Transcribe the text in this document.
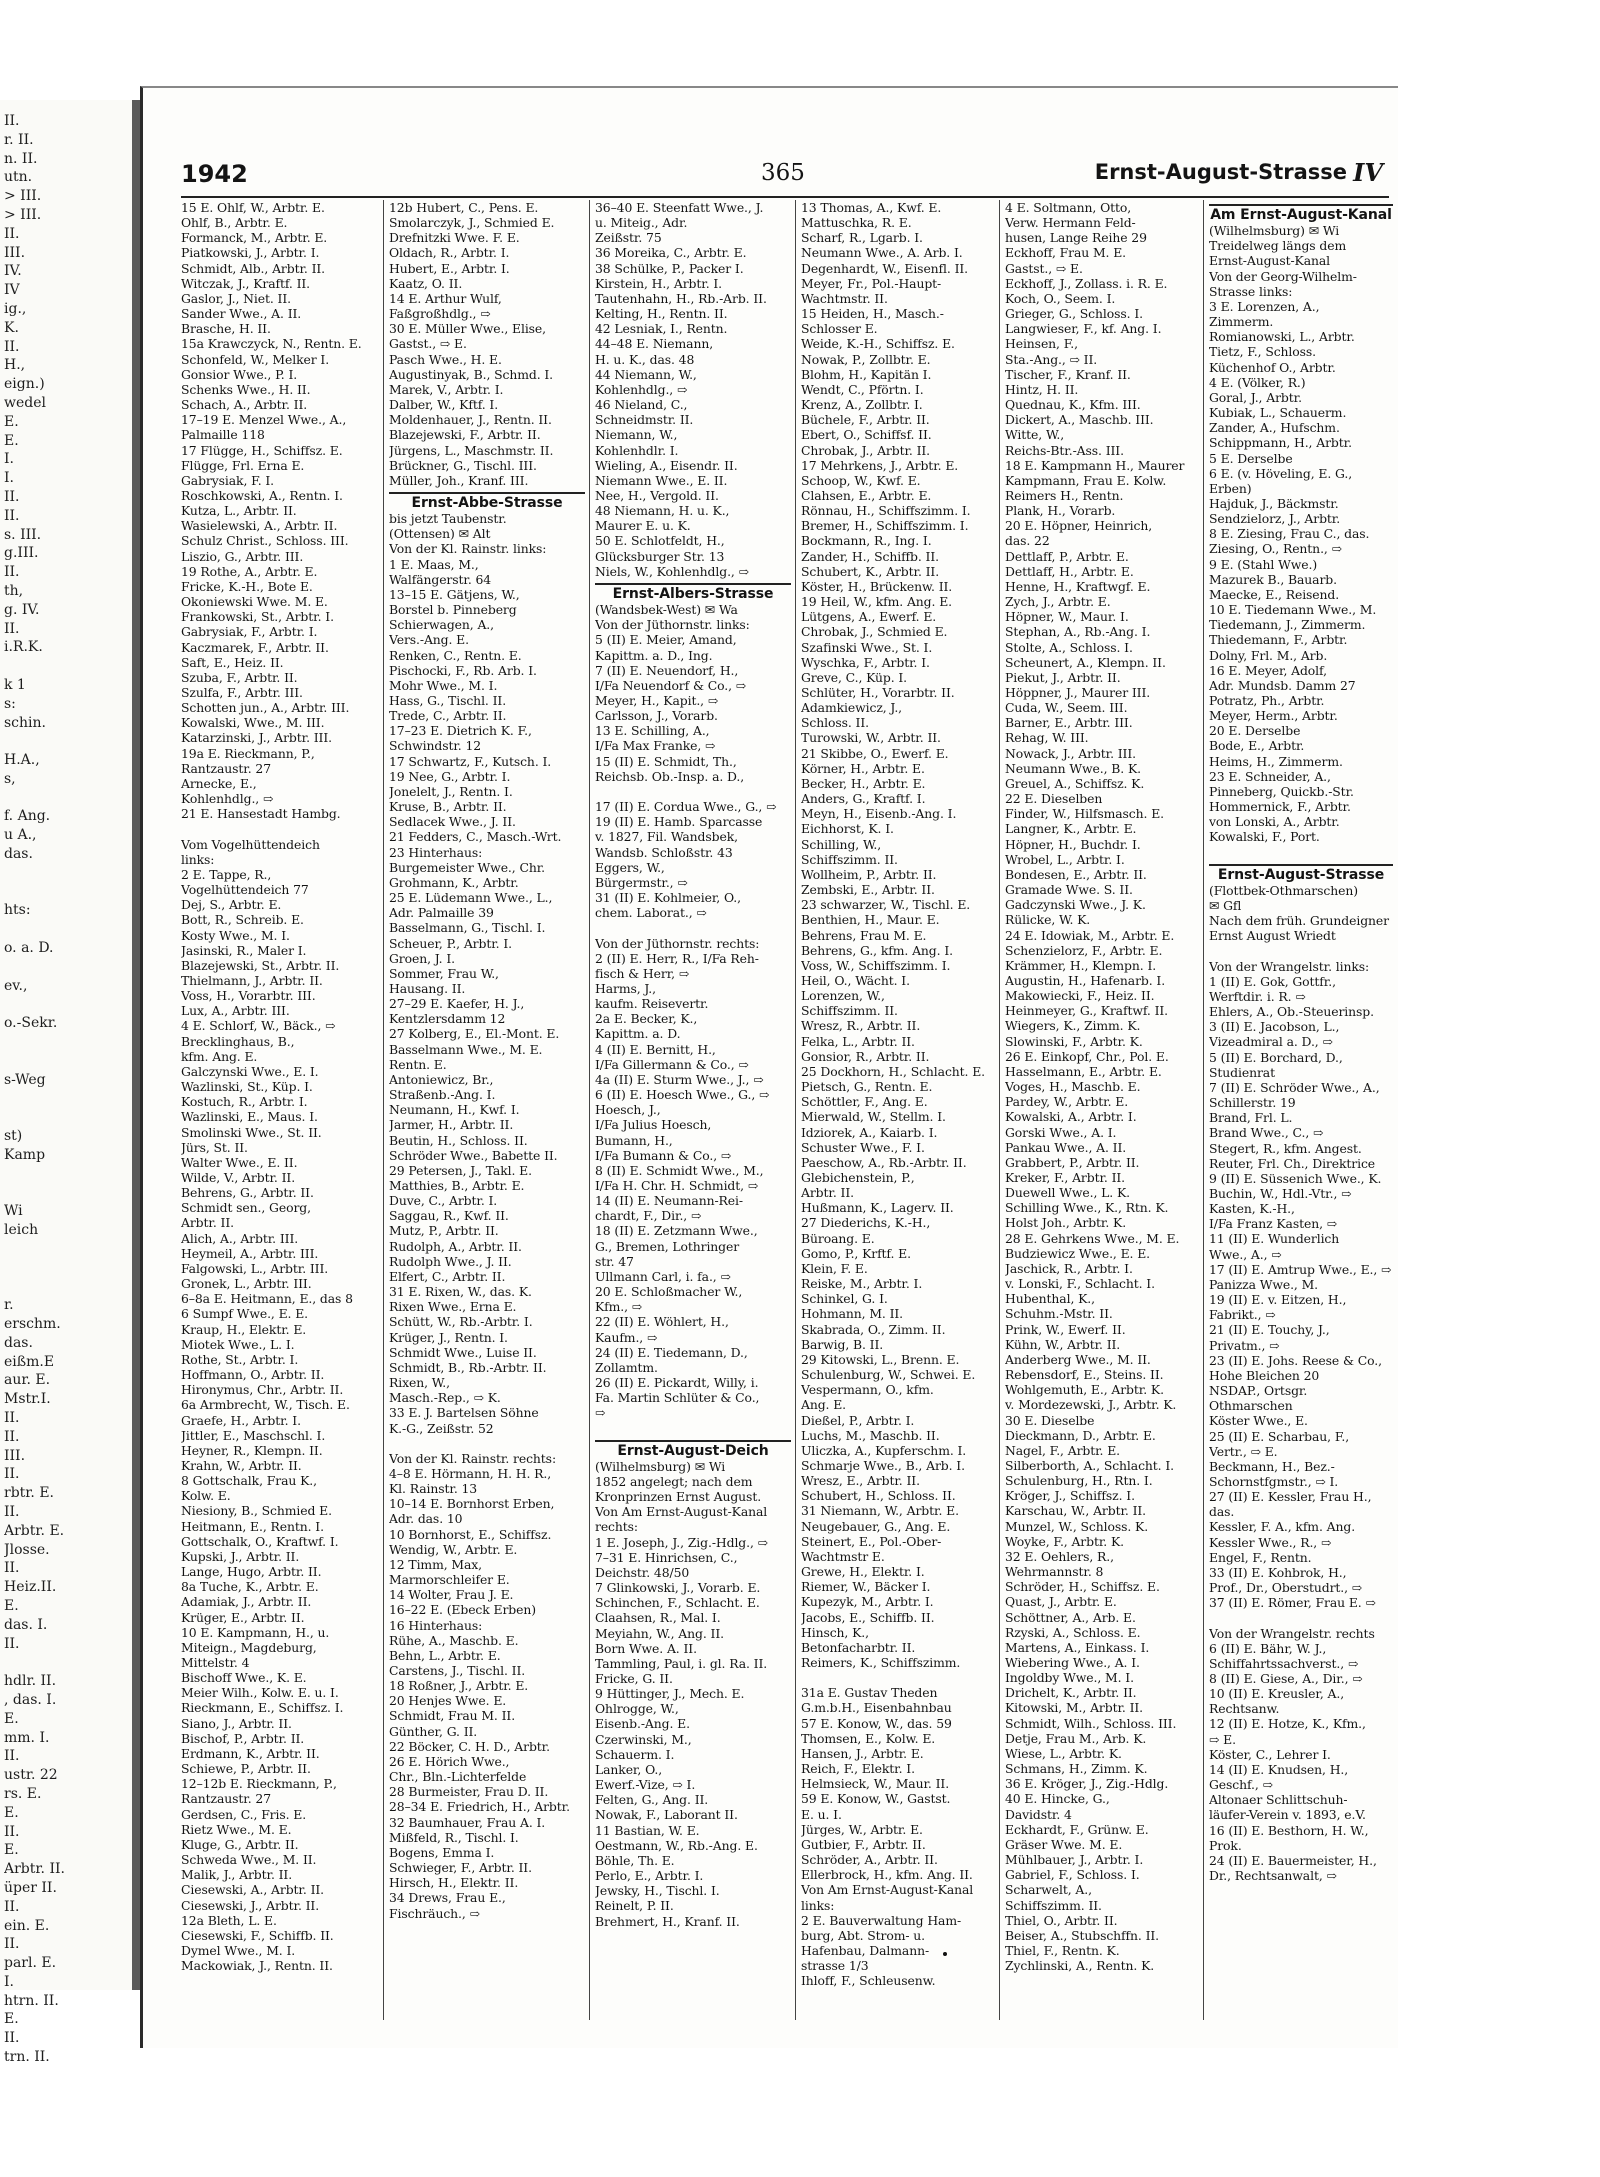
II.
r. II.
n. II.
utn.
> III.
> III.
II.
III.
IV.
IV
ig.,
K.
II.
H.,
eign.)
wedel
E.
E.
I.
I.
II.
II.
s. III.
g.III.
II.
th,
g. IV.
II.
i.R.K.

k 1
s:
schin.

H.A.,
s,

f. Ang.
u A.,
das.

hts:

o. a. D.

ev.,

o.-Sekr.

s-Weg

st)
Kamp

Wi
leich

r.
erschm.
das.
eißm.E
aur. E.
Mstr.I.
II.
II.
III.
II.
rbtr. E.
II.
Arbtr. E.
Jlosse.
II.
Heiz.II.
E.
das. I.
II.

hdlr. II.
, das. I.
E.
mm. I.
II.
ustr. 22
rs. E.
E.
II.
E.
Arbtr. II.
üper II.
II.
ein. E.
II.
parl. E.
I.
htrn. II.
E.
II.
trn. II.
1942	365	Ernst-August-Strasse IV
15 E. Ohlf, W., Arbtr. E.
Ohlf, B., Arbtr. E.
Formanck, M., Arbtr. E.
Piatkowski, J., Arbtr. I.
Schmidt, Alb., Arbtr. II.
Witczak, J., Kraftf. II.
Gaslor, J., Niet. II.
Sander Wwe., A. II.
Brasche, H. II.
15a Krawczyck, N., Rentn. E.
Schonfeld, W., Melker I.
Gonsior Wwe., P. I.
Schenks Wwe., H. II.
Schach, A., Arbtr. II.
17–19 E. Menzel Wwe., A.,
Palmaille 118
17 Flügge, H., Schiffsz. E.
Flügge, Frl. Erna E.
Gabrysiak, F. I.
Roschkowski, A., Rentn. I.
Kutza, L., Arbtr. II.
Wasielewski, A., Arbtr. II.
Schulz Christ., Schloss. III.
Liszio, G., Arbtr. III.
19 Rothe, A., Arbtr. E.
Fricke, K.-H., Bote E.
Okoniewski Wwe. M. E.
Frankowski, St., Arbtr. I.
Gabrysiak, F., Arbtr. I.
Kaczmarek, F., Arbtr. II.
Saft, E., Heiz. II.
Szuba, F., Arbtr. II.
Szulfa, F., Arbtr. III.
Schotten jun., A., Arbtr. III.
Kowalski, Wwe., M. III.
Katarzinski, J., Arbtr. III.
19a E. Rieckmann, P.,
Rantzaustr. 27
Arnecke, E.,
Kohlenhdlg., ⇨
21 E. Hansestadt Hambg.

Vom Vogelhüttendeich
links:
2 E. Tappe, R.,
Vogelhüttendeich 77
Dej, S., Arbtr. E.
Bott, R., Schreib. E.
Kosty Wwe., M. I.
Jasinski, R., Maler I.
Blazejewski, St., Arbtr. II.
Thielmann, J., Arbtr. II.
Voss, H., Vorarbtr. III.
Lux, A., Arbtr. III.
4 E. Schlorf, W., Bäck., ⇨
Brecklinghaus, B.,
kfm. Ang. E.
Galczynski Wwe., E. I.
Wazlinski, St., Küp. I.
Kostuch, R., Arbtr. I.
Wazlinski, E., Maus. I.
Smolinski Wwe., St. II.
Jürs, St. II.
Walter Wwe., E. II.
Wilde, V., Arbtr. II.
Behrens, G., Arbtr. II.
Schmidt sen., Georg,
Arbtr. II.
Alich, A., Arbtr. III.
Heymeil, A., Arbtr. III.
Falgowski, L., Arbtr. III.
Gronek, L., Arbtr. III.
6–8a E. Heitmann, E., das 8
6 Sumpf Wwe., E. E.
Kraup, H., Elektr. E.
Miotek Wwe., L. I.
Rothe, St., Arbtr. I.
Hoffmann, O., Arbtr. II.
Hironymus, Chr., Arbtr. II.
6a Armbrecht, W., Tisch. E.
Graefe, H., Arbtr. I.
Jittler, E., Maschschl. I.
Heyner, R., Klempn. II.
Krahn, W., Arbtr. II.
8 Gottschalk, Frau K.,
Kolw. E.
Niesiony, B., Schmied E.
Heitmann, E., Rentn. I.
Gottschalk, O., Kraftwf. I.
Kupski, J., Arbtr. II.
Lange, Hugo, Arbtr. II.
8a Tuche, K., Arbtr. E.
Adamiak, J., Arbtr. II.
Krüger, E., Arbtr. II.
10 E. Kampmann, H., u.
Miteign., Magdeburg,
Mittelstr. 4
Bischoff Wwe., K. E.
Meier Wilh., Kolw. E. u. I.
Rieckmann, E., Schiffsz. I.
Siano, J., Arbtr. II.
Bischof, P., Arbtr. II.
Erdmann, K., Arbtr. II.
Schiewe, P., Arbtr. II.
12–12b E. Rieckmann, P.,
Rantzaustr. 27
Gerdsen, C., Fris. E.
Rietz Wwe., M. E.
Kluge, G., Arbtr. II.
Schweda Wwe., M. II.
Malik, J., Arbtr. II.
Ciesewski, A., Arbtr. II.
Ciesewski, J., Arbtr. II.
12a Bleth, L. E.
Ciesewski, F., Schiffb. II.
Dymel Wwe., M. I.
Mackowiak, J., Rentn. II.
12b Hubert, C., Pens. E.
Smolarczyk, J., Schmied E.
Drefnitzki Wwe. F. E.
Oldach, R., Arbtr. I.
Hubert, E., Arbtr. I.
Kaatz, O. II.
14 E. Arthur Wulf,
Faßgroßhdlg., ⇨
30 E. Müller Wwe., Elise,
Gastst., ⇨ E.
Pasch Wwe., H. E.
Augustinyak, B., Schmd. I.
Marek, V., Arbtr. I.
Dalber, W., Kftf. I.
Moldenhauer, J., Rentn. II.
Blazejewski, F., Arbtr. II.
Jürgens, L., Maschmstr. II.
Brückner, G., Tischl. III.
Müller, Joh., Kranf. III.
Ernst-Abbe-Strasse
bis jetzt Taubenstr.
(Ottensen) ✉ Alt
Von der Kl. Rainstr. links:
1 E. Maas, M.,
Walfängerstr. 64
13–15 E. Gätjens, W.,
Borstel b. Pinneberg
Schierwagen, A.,
Vers.-Ang. E.
Renken, C., Rentn. E.
Pischocki, F., Rb. Arb. I.
Mohr Wwe., M. I.
Hass, G., Tischl. II.
Trede, C., Arbtr. II.
17–23 E. Dietrich K. F.,
Schwindstr. 12
17 Schwartz, F., Kutsch. I.
19 Nee, G., Arbtr. I.
Jonelelt, J., Rentn. I.
Kruse, B., Arbtr. II.
Sedlacek Wwe., J. II.
21 Fedders, C., Masch.-Wrt.
23 Hinterhaus:
Burgemeister Wwe., Chr.
Grohmann, K., Arbtr.
25 E. Lüdemann Wwe., L.,
Adr. Palmaille 39
Basselmann, G., Tischl. I.
Scheuer, P., Arbtr. I.
Groen, J. I.
Sommer, Frau W.,
Hausang. II.
27–29 E. Kaefer, H. J.,
Kentzlersdamm 12
27 Kolberg, E., El.-Mont. E.
Basselmann Wwe., M. E.
Rentn. E.
Antoniewicz, Br.,
Straßenb.-Ang. I.
Neumann, H., Kwf. I.
Jarmer, H., Arbtr. II.
Beutin, H., Schloss. II.
Schröder Wwe., Babette II.
29 Petersen, J., Takl. E.
Matthies, B., Arbtr. E.
Duve, C., Arbtr. I.
Saggau, R., Kwf. II.
Mutz, P., Arbtr. II.
Rudolph, A., Arbtr. II.
Rudolph Wwe., J. II.
Elfert, C., Arbtr. II.
31 E. Rixen, W., das. K.
Rixen Wwe., Erna E.
Schütt, W., Rb.-Arbtr. I.
Krüger, J., Rentn. I.
Schmidt Wwe., Luise II.
Schmidt, B., Rb.-Arbtr. II.
Rixen, W.,
Masch.-Rep., ⇨ K.
33 E. J. Bartelsen Söhne
K.-G., Zeißstr. 52

Von der Kl. Rainstr. rechts:
4–8 E. Hörmann, H. H. R.,
Kl. Rainstr. 13
10–14 E. Bornhorst Erben,
Adr. das. 10
10 Bornhorst, E., Schiffsz.
Wendig, W., Arbtr. E.
12 Timm, Max,
Marmorschleifer E.
14 Wolter, Frau J. E.
16–22 E. (Ebeck Erben)
16 Hinterhaus:
Rühe, A., Maschb. E.
Behn, L., Arbtr. E.
Carstens, J., Tischl. II.
18 Roßner, J., Arbtr. E.
20 Henjes Wwe. E.
Schmidt, Frau M. II.
Günther, G. II.
22 Böcker, C. H. D., Arbtr.
26 E. Hörich Wwe.,
Chr., Bln.-Lichterfelde
28 Burmeister, Frau D. II.
28–34 E. Friedrich, H., Arbtr.
32 Baumhauer, Frau A. I.
Mißfeld, R., Tischl. I.
Bogens, Emma I.
Schwieger, F., Arbtr. II.
Hirsch, H., Elektr. II.
34 Drews, Frau E.,
Fischräuch., ⇨
36–40 E. Steenfatt Wwe., J.
u. Miteig., Adr.
Zeißstr. 75
36 Moreika, C., Arbtr. E.
38 Schülke, P., Packer I.
Kirstein, H., Arbtr. I.
Tautenhahn, H., Rb.-Arb. II.
Kelting, H., Rentn. II.
42 Lesniak, I., Rentn.
44–48 E. Niemann,
H. u. K., das. 48
44 Niemann, W.,
Kohlenhdlg., ⇨
46 Nieland, C.,
Schneidmstr. II.
Niemann, W.,
Kohlenhdlr. I.
Wieling, A., Eisendr. II.
Niemann Wwe., E. II.
Nee, H., Vergold. II.
48 Niemann, H. u. K.,
Maurer E. u. K.
50 E. Schlotfeldt, H.,
Glücksburger Str. 13
Niels, W., Kohlenhdlg., ⇨
Ernst-Albers-Strasse
(Wandsbek-West) ✉ Wa
Von der Jüthornstr. links:
5 (II) E. Meier, Amand,
Kapittm. a. D., Ing.
7 (II) E. Neuendorf, H.,
I/Fa Neuendorf & Co., ⇨
Meyer, H., Kapit., ⇨
Carlsson, J., Vorarb.
13 E. Schilling, A.,
I/Fa Max Franke, ⇨
15 (II) E. Schmidt, Th.,
Reichsb. Ob.-Insp. a. D.,

17 (II) E. Cordua Wwe., G., ⇨
19 (II) E. Hamb. Sparcasse
v. 1827, Fil. Wandsbek,
Wandsb. Schloßstr. 43
Eggers, W.,
Bürgermstr., ⇨
31 (II) E. Kohlmeier, O.,
chem. Laborat., ⇨

Von der Jüthornstr. rechts:
2 (II) E. Herr, R., I/Fa Reh-
fisch & Herr, ⇨
Harms, J.,
kaufm. Reisevertr.
2a E. Becker, K.,
Kapittm. a. D.
4 (II) E. Bernitt, H.,
I/Fa Gillermann & Co., ⇨
4a (II) E. Sturm Wwe., J., ⇨
6 (II) E. Hoesch Wwe., G., ⇨
Hoesch, J.,
I/Fa Julius Hoesch,
Bumann, H.,
I/Fa Bumann & Co., ⇨
8 (II) E. Schmidt Wwe., M.,
I/Fa H. Chr. H. Schmidt, ⇨
14 (II) E. Neumann-Rei-
chardt, F., Dir., ⇨
18 (II) E. Zetzmann Wwe.,
G., Bremen, Lothringer
str. 47
Ullmann Carl, i. fa., ⇨
20 E. Schloßmacher W.,
Kfm., ⇨
22 (II) E. Wöhlert, H.,
Kaufm., ⇨
24 (II) E. Tiedemann, D.,
Zollamtm.
26 (II) E. Pickardt, Willy, i.
Fa. Martin Schlüter & Co.,
⇨

Ernst-August-Deich
(Wilhelmsburg) ✉ Wi
1852 angelegt; nach dem
Kronprinzen Ernst August.
Von Am Ernst-August-Kanal
rechts:
1 E. Joseph, J., Zig.-Hdlg., ⇨
7–31 E. Hinrichsen, C.,
Deichstr. 48/50
7 Glinkowski, J., Vorarb. E.
Schinchen, F., Schlacht. E.
Claahsen, R., Mal. I.
Meyiahn, W., Ang. II.
Born Wwe. A. II.
Tammling, Paul, i. gl. Ra. II.
Fricke, G. II.
9 Hüttinger, J., Mech. E.
Ohlrogge, W.,
Eisenb.-Ang. E.
Czerwinski, M.,
Schauerm. I.
Lanker, O.,
Ewerf.-Vize, ⇨ I.
Felten, G., Ang. II.
Nowak, F., Laborant II.
11 Bastian, W. E.
Oestmann, W., Rb.-Ang. E.
Böhle, Th. E.
Perlo, E., Arbtr. I.
Jewsky, H., Tischl. I.
Reinelt, P. II.
Brehmert, H., Kranf. II.
13 Thomas, A., Kwf. E.
Mattuschka, R. E.
Scharf, R., Lgarb. I.
Neumann Wwe., A. Arb. I.
Degenhardt, W., Eisenfl. II.
Meyer, Fr., Pol.-Haupt-
Wachtmstr. II.
15 Heiden, H., Masch.-
Schlosser E.
Weide, K.-H., Schiffsz. E.
Nowak, P., Zollbtr. E.
Blohm, H., Kapitän I.
Wendt, C., Pförtn. I.
Krenz, A., Zollbtr. I.
Büchele, F., Arbtr. II.
Ebert, O., Schiffsf. II.
Chrobak, J., Arbtr. II.
17 Mehrkens, J., Arbtr. E.
Schoop, W., Kwf. E.
Clahsen, E., Arbtr. E.
Rönnau, H., Schiffszimm. I.
Bremer, H., Schiffszimm. I.
Bockmann, R., Ing. I.
Zander, H., Schiffb. II.
Schubert, K., Arbtr. II.
Köster, H., Brückenw. II.
19 Heil, W., kfm. Ang. E.
Lütgens, A., Ewerf. E.
Chrobak, J., Schmied E.
Szafinski Wwe., St. I.
Wyschka, F., Arbtr. I.
Greve, C., Küp. I.
Schlüter, H., Vorarbtr. II.
Adamkiewicz, J.,
Schloss. II.
Turowski, W., Arbtr. II.
21 Skibbe, O., Ewerf. E.
Körner, H., Arbtr. E.
Becker, H., Arbtr. E.
Anders, G., Kraftf. I.
Meyn, H., Eisenb.-Ang. I.
Eichhorst, K. I.
Schilling, W.,
Schiffszimm. II.
Wollheim, P., Arbtr. II.
Zembski, E., Arbtr. II.
23 schwarzer, W., Tischl. E.
Benthien, H., Maur. E.
Behrens, Frau M. E.
Behrens, G., kfm. Ang. I.
Voss, W., Schiffszimm. I.
Heil, O., Wächt. I.
Lorenzen, W.,
Schiffszimm. II.
Wresz, R., Arbtr. II.
Felka, L., Arbtr. II.
Gonsior, R., Arbtr. II.
25 Dockhorn, H., Schlacht. E.
Pietsch, G., Rentn. E.
Schöttler, F., Ang. E.
Mierwald, W., Stellm. I.
Idziorek, A., Kaiarb. I.
Schuster Wwe., F. I.
Paeschow, A., Rb.-Arbtr. II.
Glebichenstein, P.,
Arbtr. II.
Hußmann, K., Lagerv. II.
27 Diederichs, K.-H.,
Büroang. E.
Gomo, P., Krftf. E.
Klein, F. E.
Reiske, M., Arbtr. I.
Schinkel, G. I.
Hohmann, M. II.
Skabrada, O., Zimm. II.
Barwig, B. II.
29 Kitowski, L., Brenn. E.
Schulenburg, W., Schwei. E.
Vespermann, O., kfm.
Ang. E.
Dießel, P., Arbtr. I.
Luchs, M., Maschb. II.
Uliczka, A., Kupferschm. I.
Schmarje Wwe., B., Arb. I.
Wresz, E., Arbtr. II.
Schubert, H., Schloss. II.
31 Niemann, W., Arbtr. E.
Neugebauer, G., Ang. E.
Steinert, E., Pol.-Ober-
Wachtmstr E.
Grewe, H., Elektr. I.
Riemer, W., Bäcker I.
Kupezyk, M., Arbtr. I.
Jacobs, E., Schiffb. II.
Hinsch, K.,
Betonfacharbtr. II.
Reimers, K., Schiffszimm.

31a E. Gustav Theden
G.m.b.H., Eisenbahnbau
57 E. Konow, W., das. 59
Thomsen, E., Kolw. E.
Hansen, J., Arbtr. E.
Reich, F., Elektr. I.
Helmsieck, W., Maur. II.
59 E. Konow, W., Gastst.
E. u. I.
Jürges, W., Arbtr. E.
Gutbier, F., Arbtr. II.
Schröder, A., Arbtr. II.
Ellerbrock, H., kfm. Ang. II.
Von Am Ernst-August-Kanal
links:
2 E. Bauverwaltung Ham-
burg, Abt. Strom- u.
Hafenbau, Dalmann-
strasse 1/3
Ihloff, F., Schleusenw.
4 E. Soltmann, Otto,
Verw. Hermann Feld-
husen, Lange Reihe 29
Eckhoff, Frau M. E.
Gastst., ⇨ E.
Eckhoff, J., Zollass. i. R. E.
Koch, O., Seem. I.
Grieger, G., Schloss. I.
Langwieser, F., kf. Ang. I.
Heinsen, F.,
Sta.-Ang., ⇨ II.
Tischer, F., Kranf. II.
Hintz, H. II.
Quednau, K., Kfm. III.
Dickert, A., Maschb. III.
Witte, W.,
Reichs-Btr.-Ass. III.
18 E. Kampmann H., Maurer
Kampmann, Frau E. Kolw.
Reimers H., Rentn.
Plank, H., Vorarb.
20 E. Höpner, Heinrich,
das. 22
Dettlaff, P., Arbtr. E.
Dettlaff, H., Arbtr. E.
Henne, H., Kraftwgf. E.
Zych, J., Arbtr. E.
Höpner, W., Maur. I.
Stephan, A., Rb.-Ang. I.
Stolte, A., Schloss. I.
Scheunert, A., Klempn. II.
Piekut, J., Arbtr. II.
Höppner, J., Maurer III.
Cuda, W., Seem. III.
Barner, E., Arbtr. III.
Rehag, W. III.
Nowack, J., Arbtr. III.
Neumann Wwe., B. K.
Greuel, A., Schiffsz. K.
22 E. Dieselben
Finder, W., Hilfsmasch. E.
Langner, K., Arbtr. E.
Höpner, H., Buchdr. I.
Wrobel, L., Arbtr. I.
Bondesen, E., Arbtr. II.
Gramade Wwe. S. II.
Gadczynski Wwe., J. K.
Rülicke, W. K.
24 E. Idowiak, M., Arbtr. E.
Schenzielorz, F., Arbtr. E.
Krämmer, H., Klempn. I.
Augustin, H., Hafenarb. I.
Makowiecki, F., Heiz. II.
Heinmeyer, G., Kraftwf. II.
Wiegers, K., Zimm. K.
Slowinski, F., Arbtr. K.
26 E. Einkopf, Chr., Pol. E.
Hasselmann, E., Arbtr. E.
Voges, H., Maschb. E.
Pardey, W., Arbtr. E.
Kowalski, A., Arbtr. I.
Gorski Wwe., A. I.
Pankau Wwe., A. II.
Grabbert, P., Arbtr. II.
Kreker, F., Arbtr. II.
Duewell Wwe., L. K.
Schilling Wwe., K., Rtn. K.
Holst Joh., Arbtr. K.
28 E. Gehrkens Wwe., M. E.
Budziewicz Wwe., E. E.
Jaschick, R., Arbtr. I.
v. Lonski, F., Schlacht. I.
Hubenthal, K.,
Schuhm.-Mstr. II.
Prink, W., Ewerf. II.
Kühn, W., Arbtr. II.
Anderberg Wwe., M. II.
Rebensdorf, E., Steins. II.
Wohlgemuth, E., Arbtr. K.
v. Mordezewski, J., Arbtr. K.
30 E. Dieselbe
Dieckmann, D., Arbtr. E.
Nagel, F., Arbtr. E.
Silberborth, A., Schlacht. I.
Schulenburg, H., Rtn. I.
Kröger, J., Schiffsz. I.
Karschau, W., Arbtr. II.
Munzel, W., Schloss. K.
Woyke, F., Arbtr. K.
32 E. Oehlers, R.,
Wehrmannstr. 8
Schröder, H., Schiffsz. E.
Quast, J., Arbtr. E.
Schöttner, A., Arb. E.
Rzyski, A., Schloss. E.
Martens, A., Einkass. I.
Wiebering Wwe., A. I.
Ingoldby Wwe., M. I.
Drichelt, K., Arbtr. II.
Kitowski, M., Arbtr. II.
Schmidt, Wilh., Schloss. III.
Detje, Frau M., Arb. K.
Wiese, L., Arbtr. K.
Schmans, H., Zimm. K.
36 E. Kröger, J., Zig.-Hdlg.
40 E. Hincke, G.,
Davidstr. 4
Eckhardt, F., Grünw. E.
Gräser Wwe. M. E.
Mühlbauer, J., Arbtr. I.
Gabriel, F., Schloss. I.
Scharwelt, A.,
Schiffszimm. II.
Thiel, O., Arbtr. II.
Beiser, A., Stubschffn. II.
Thiel, F., Rentn. K.
Zychlinski, A., Rentn. K.
Am Ernst-August-Kanal
(Wilhelmsburg) ✉ Wi
Treidelweg längs dem
Ernst-August-Kanal
Von der Georg-Wilhelm-
Strasse links:
3 E. Lorenzen, A.,
Zimmerm.
Romianowski, L., Arbtr.
Tietz, F., Schloss.
Küchenhof O., Arbtr.
4 E. (Völker, R.)
Goral, J., Arbtr.
Kubiak, L., Schauerm.
Zander, A., Hufschm.
Schippmann, H., Arbtr.
5 E. Derselbe
6 E. (v. Höveling, E. G.,
Erben)
Hajduk, J., Bäckmstr.
Sendzielorz, J., Arbtr.
8 E. Ziesing, Frau C., das.
Ziesing, O., Rentn., ⇨
9 E. (Stahl Wwe.)
Mazurek B., Bauarb.
Maecke, E., Reisend.
10 E. Tiedemann Wwe., M.
Tiedemann, J., Zimmerm.
Thiedemann, F., Arbtr.
Dolny, Frl. M., Arb.
16 E. Meyer, Adolf,
Adr. Mundsb. Damm 27
Potratz, Ph., Arbtr.
Meyer, Herm., Arbtr.
20 E. Derselbe
Bode, E., Arbtr.
Heims, H., Zimmerm.
23 E. Schneider, A.,
Pinneberg, Quickb.-Str.
Hommernick, F., Arbtr.
von Lonski, A., Arbtr.
Kowalski, F., Port.

Ernst-August-Strasse
(Flottbek-Othmarschen)
✉ Gfl
Nach dem früh. Grundeigner
Ernst August Wriedt

Von der Wrangelstr. links:
1 (II) E. Gok, Gottfr.,
Werftdir. i. R. ⇨
Ehlers, A., Ob.-Steuerinsp.
3 (II) E. Jacobson, L.,
Vizeadmiral a. D., ⇨
5 (II) E. Borchard, D.,
Studienrat
7 (II) E. Schröder Wwe., A.,
Schillerstr. 19
Brand, Frl. L.
Brand Wwe., C., ⇨
Stegert, R., kfm. Angest.
Reuter, Frl. Ch., Direktrice
9 (II) E. Süssenich Wwe., K.
Buchin, W., Hdl.-Vtr., ⇨
Kasten, K.-H.,
I/Fa Franz Kasten, ⇨
11 (II) E. Wunderlich
Wwe., A., ⇨
17 (II) E. Amtrup Wwe., E., ⇨
Panizza Wwe., M.
19 (II) E. v. Eitzen, H.,
Fabrikt., ⇨
21 (II) E. Touchy, J.,
Privatm., ⇨
23 (II) E. Johs. Reese & Co.,
Hohe Bleichen 20
NSDAP., Ortsgr.
Othmarschen
Köster Wwe., E.
25 (II) E. Scharbau, F.,
Vertr., ⇨ E.
Beckmann, H., Bez.-
Schornstfgmstr., ⇨ I.
27 (II) E. Kessler, Frau H.,
das.
Kessler, F. A., kfm. Ang.
Kessler Wwe., R., ⇨
Engel, F., Rentn.
33 (II) E. Kohbrok, H.,
Prof., Dr., Oberstudrt., ⇨
37 (II) E. Römer, Frau E. ⇨

Von der Wrangelstr. rechts
6 (II) E. Bähr, W. J.,
Schiffahrtssachverst., ⇨
8 (II) E. Giese, A., Dir., ⇨
10 (II) E. Kreusler, A.,
Rechtsanw.
12 (II) E. Hotze, K., Kfm.,
⇨ E.
Köster, C., Lehrer I.
14 (II) E. Knudsen, H.,
Geschf., ⇨
Altonaer Schlittschuh-
läufer-Verein v. 1893, e.V.
16 (II) E. Besthorn, H. W.,
Prok.
24 (II) E. Bauermeister, H.,
Dr., Rechtsanwalt, ⇨
